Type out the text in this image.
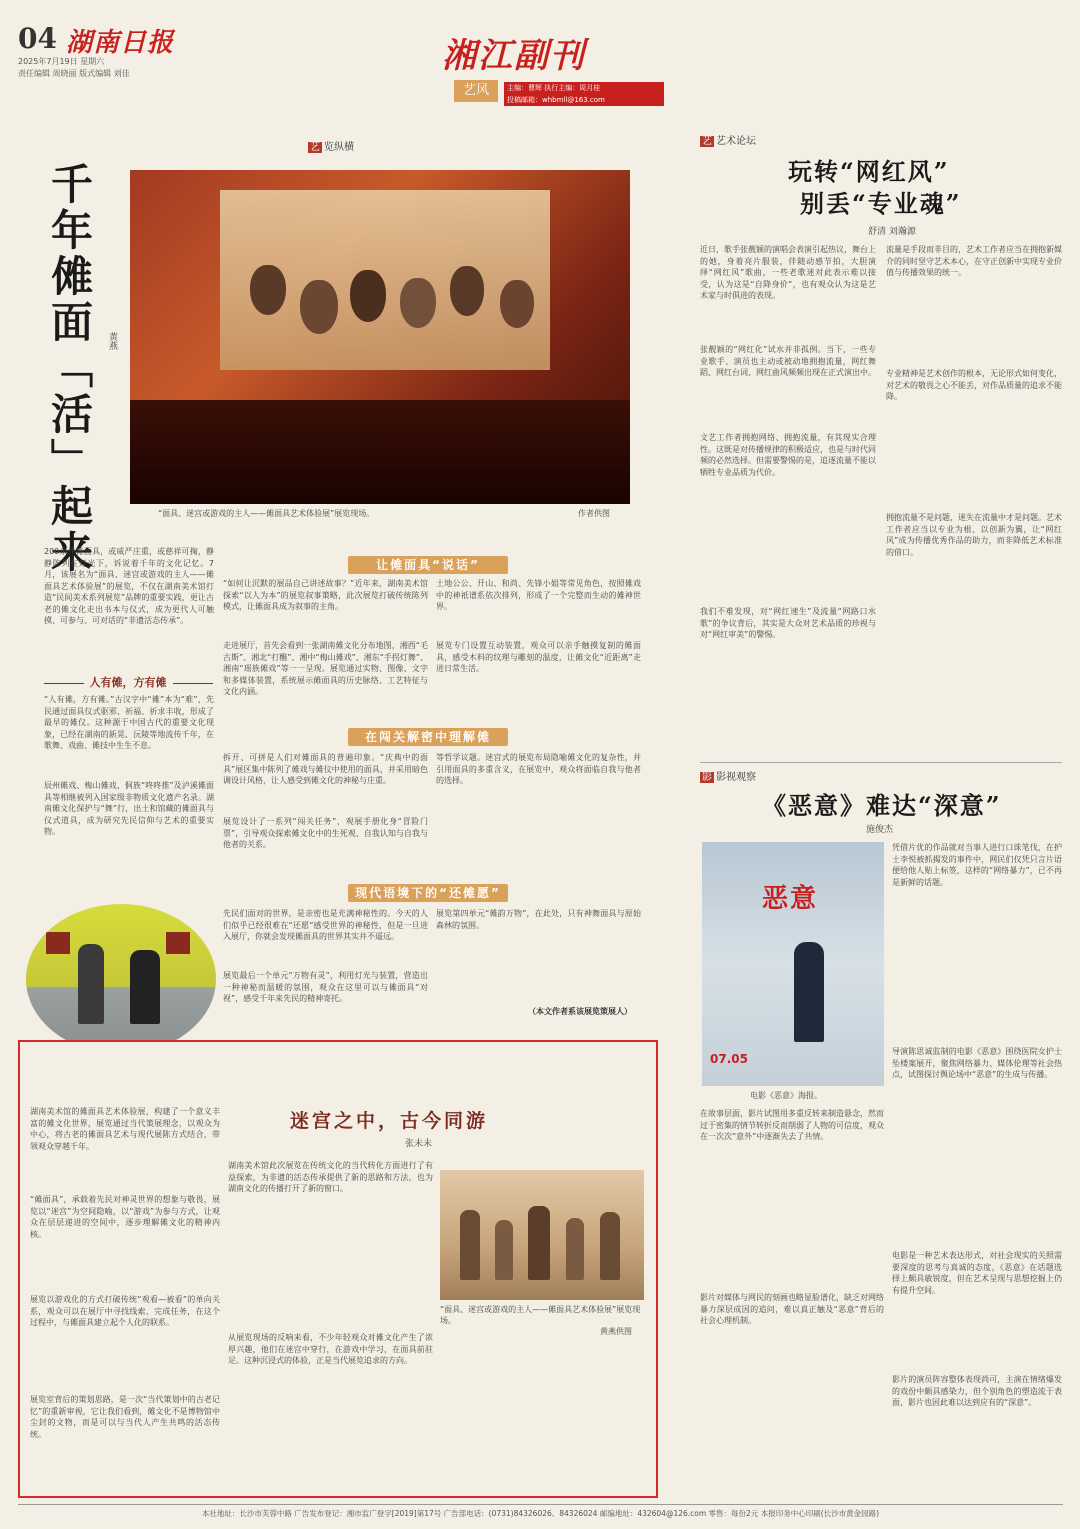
04 湖南日报
2025年7月19日 星期六
责任编辑 周晓丽 版式编辑 刘佳	湘江副刊
艺风	主编：曹辉 执行主编：周月桂
投稿邮箱：whbmll@163.com
艺 览纵横
千年傩面「活」起来 黄燕
“面具、迷宫或游戏的主人——傩面具艺术体验展”展览现场。	作者供图
200余件傩面具，或威严庄重，或慈祥可掬，静静陈列在灯光下，诉说着千年的文化记忆。7月，该展名为“面具、迷宫或游戏的主人——傩面具艺术体验展”的展览，不仅在湖南美术馆打造“民间美术系列展览”品牌的重要实践，更让古老的傩文化走出书本与仪式，成为更代人可触摸、可参与、可对话的“非遗活态传承”。
人有傩，方有傩
“人有傩，方有傩。”古汉字中“傩”本为“难”，先民通过面具仪式驱邪、祈福、祈求丰收，形成了最早的傩仪。这种源于中国古代的重要文化现象，已经在湖南的新晃、沅陵等地流传千年，在歌舞、戏曲、傩技中生生不息。
辰州傩戏、梅山傩戏、侗族“咚咚推”及泸溪傩面具等相继被列入国家级非物质文化遗产名录。湖南傩文化保护与“舞”行，出土和馆藏的傩面具与仪式道具，成为研究先民信仰与艺术的重要实物。
让傩面具“说话”
“如何让沉默的展品自己讲述故事？”近年来，湖南美术馆探索“以人为本”的展览叙事策略，此次展览打破传统陈列模式，让傩面具成为叙事的主角。
走进展厅，首先会看到一张湖南傩文化分布地图，湘西“毛古斯”、湘北“打醮”、湘中“梅山傩戏”、湘东“手拐灯舞”、湘南“瑶族傩戏”等一一呈现。展览通过实物、图像、文字和多媒体装置，系统展示傩面具的历史脉络、工艺特征与文化内涵。
土地公公、开山、和尚、先锋小姐等常见角色，按照傩戏中的神祇谱系依次排列，形成了一个完整而生动的傩神世界。
展览专门设置互动装置，观众可以亲手触摸复制的傩面具，感受木料的纹理与雕刻的温度，让傩文化“近距离”走进日常生活。
在闯关解密中理解傩
拆开、可拼是人们对傩面具的普遍印象。“庆典中的面具”展区集中陈列了傩戏与傩仪中使用的面具，并采用暗色调设计风格，让人感受到傩文化的神秘与庄重。
展览设计了一系列“闯关任务”，观展手册化身“冒险门票”，引导观众探索傩文化中的生死观、自我认知与自我与他者的关系。
等哲学议题。迷宫式的展览布局隐喻傩文化的复杂性，并引用面具的多重含义，在展览中，观众将面临自我与他者的选择。
现代语境下的“还傩愿”
先民们面对的世界，是亲密也是充满神秘性的。今天的人们似乎已经很难在“还愿”感受世界的神秘性，但是一旦进入展厅，你就会发现傩面具的世界其实并不遥远。
展览最后一个单元“万物有灵”，利用灯光与装置，营造出一种神秘而温暖的氛围，观众在这里可以与傩面具“对视”，感受千年来先民的精神寄托。
展览第四单元“傩韵万物”，在此处，只有神舞面具与原始森林的氛围。
（本文作者系该展览策展人）
迷宫之中，古今同游
张未未
湖南美术馆的傩面具艺术体验展，构建了一个意义丰富的傩文化世界，展览通过当代策展理念，以观众为中心，将古老的傩面具艺术与现代展陈方式结合，带领观众穿越千年。
“傩面具”，承载着先民对神灵世界的想象与敬畏，展览以“迷宫”为空间隐喻，以“游戏”为参与方式，让观众在层层递进的空间中，逐步理解傩文化的精神内核。
展览以游戏化的方式打破传统“观看—被看”的单向关系，观众可以在展厅中寻找线索、完成任务，在这个过程中，与傩面具建立起个人化的联系。
展览室背后的策划思路，是一次“当代策划中的古老记忆”的重新审视，它让我们看到，傩文化不是博物馆中尘封的文物，而是可以与当代人产生共鸣的活态传统。
湖南美术馆此次展览在传统文化的当代转化方面进行了有益探索，为非遗的活态传承提供了新的思路和方法，也为湖南文化的传播打开了新的窗口。
从展览现场的反响来看，不少年轻观众对傩文化产生了浓厚兴趣，他们在迷宫中穿行，在游戏中学习，在面具前驻足。这种沉浸式的体验，正是当代展览追求的方向。
“面具、迷宫或游戏的主人——傩面具艺术体验展”展览现场。
黄燕供图
艺 艺术论坛
玩转“网红风”
别丢“专业魂”
舒清 刘瀚源
近日，歌手张靓颖的演唱会表演引起热议，舞台上的她，身着亮片服装，伴随动感节拍，大胆演绎“网红风”歌曲，一些老歌迷对此表示难以接受，认为这是“自降身价”，也有观众认为这是艺术家与时俱进的表现。
张靓颖的“网红化”试水并非孤例。当下，一些专业歌手、演员也主动或被动地拥抱流量，网红舞蹈、网红台词、网红曲风频频出现在正式演出中。
文艺工作者拥抱网络、拥抱流量，有其现实合理性。这既是对传播规律的积极适应，也是与时代同频的必然选择。但需要警惕的是，追逐流量不能以牺牲专业品质为代价。
我们不难发现，对“网红速生”及流量“网路口水歌”的争议背后，其实是大众对艺术品质的珍视与对“网红审美”的警惕。
流量是手段而非目的，艺术工作者应当在拥抱新媒介的同时坚守艺术本心，在守正创新中实现专业价值与传播效果的统一。
专业精神是艺术创作的根本，无论形式如何变化，对艺术的敬畏之心不能丢，对作品质量的追求不能降。
拥抱流量不是问题，迷失在流量中才是问题。艺术工作者应当以专业为根、以创新为翼，让“网红风”成为传播优秀作品的助力，而非降低艺术标准的借口。
影 影视观察
《恶意》难达“深意”
施俊杰
恶意
07.05
电影《恶意》海报。
凭借片优的作品就对当事人进行口诛笔伐，在护士李悦被抓揭发的事件中，网民们仅凭只言片语便给他人贴上标签，这样的“网络暴力”，已不再是新鲜的话题。
导演陈思诚监制的电影《恶意》围绕医院女护士坠楼案展开，聚焦网络暴力、媒体伦理等社会热点，试图探讨舆论场中“恶意”的生成与传播。
在故事层面，影片试图用多重反转来制造悬念，然而过于密集的情节转折反而削弱了人物的可信度，观众在一次次“意外”中逐渐失去了共情。
影片对媒体与网民的刻画也略显脸谱化，缺乏对网络暴力深层成因的追问，难以真正触及“恶意”背后的社会心理机制。
电影是一种艺术表达形式，对社会现实的关照需要深度的思考与真诚的态度，《恶意》在话题选择上颇具敏锐度，但在艺术呈现与思想挖掘上仍有提升空间。
影片的演员阵容整体表现尚可，主演在情绪爆发的戏份中颇具感染力，但个别角色的塑造流于表面，影片也因此难以达到应有的“深意”。
本社地址：长沙市芙蓉中路 广告发布登记：湘市监广登字[2019]第17号 广告部电话：(0731)84326026、84326024 邮编地址：432604@126.com 零售：每份2元 本报印务中心印刷(长沙市黄金园路)
